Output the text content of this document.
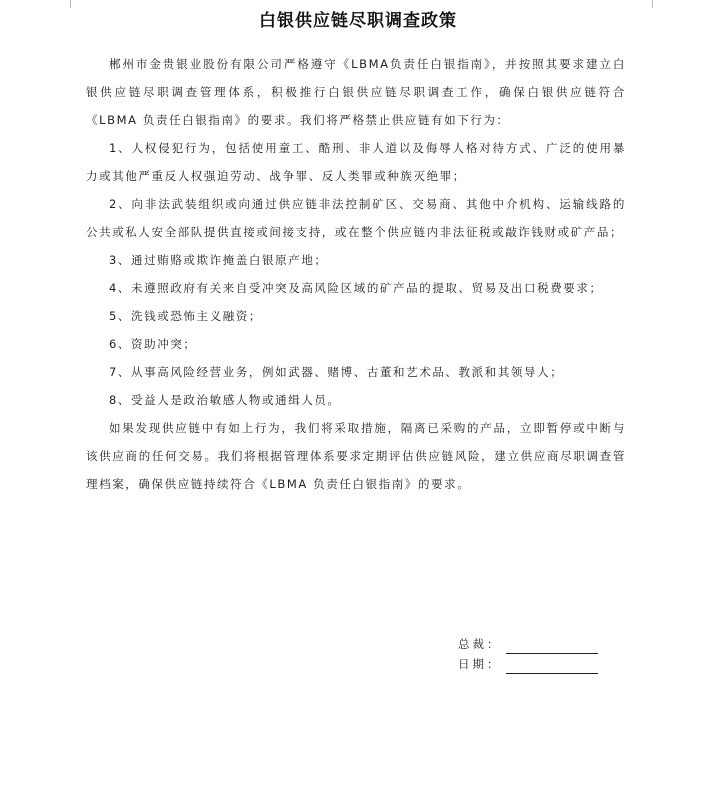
白银供应链尽职调查政策

郴州市金贵银业股份有限公司严格遵守《LBMA负责任白银指南》，并按照其要求建立白银供应链尽职调查管理体系，积极推行白银供应链尽职调查工作，确保白银供应链符合《LBMA 负责任白银指南》的要求。我们将严格禁止供应链有如下行为：

1、人权侵犯行为，包括使用童工、酷刑、非人道以及侮辱人格对待方式、广泛的使用暴力或其他严重反人权强迫劳动、战争罪、反人类罪或种族灭绝罪；

2、向非法武装组织或向通过供应链非法控制矿区、交易商、其他中介机构、运输线路的公共或私人安全部队提供直接或间接支持，或在整个供应链内非法征税或敲诈钱财或矿产品；

3、通过贿赂或欺诈掩盖白银原产地；

4、未遵照政府有关来自受冲突及高风险区域的矿产品的提取、贸易及出口税费要求；

5、洗钱或恐怖主义融资；

6、资助冲突；

7、从事高风险经营业务，例如武器、赌博、古董和艺术品、教派和其领导人；

8、受益人是政治敏感人物或通缉人员。

如果发现供应链中有如上行为，我们将采取措施，隔离已采购的产品，立即暂停或中断与该供应商的任何交易。我们将根据管理体系要求定期评估供应链风险，建立供应商尽职调查管理档案，确保供应链持续符合《LBMA 负责任白银指南》的要求。

总裁：
日期：
